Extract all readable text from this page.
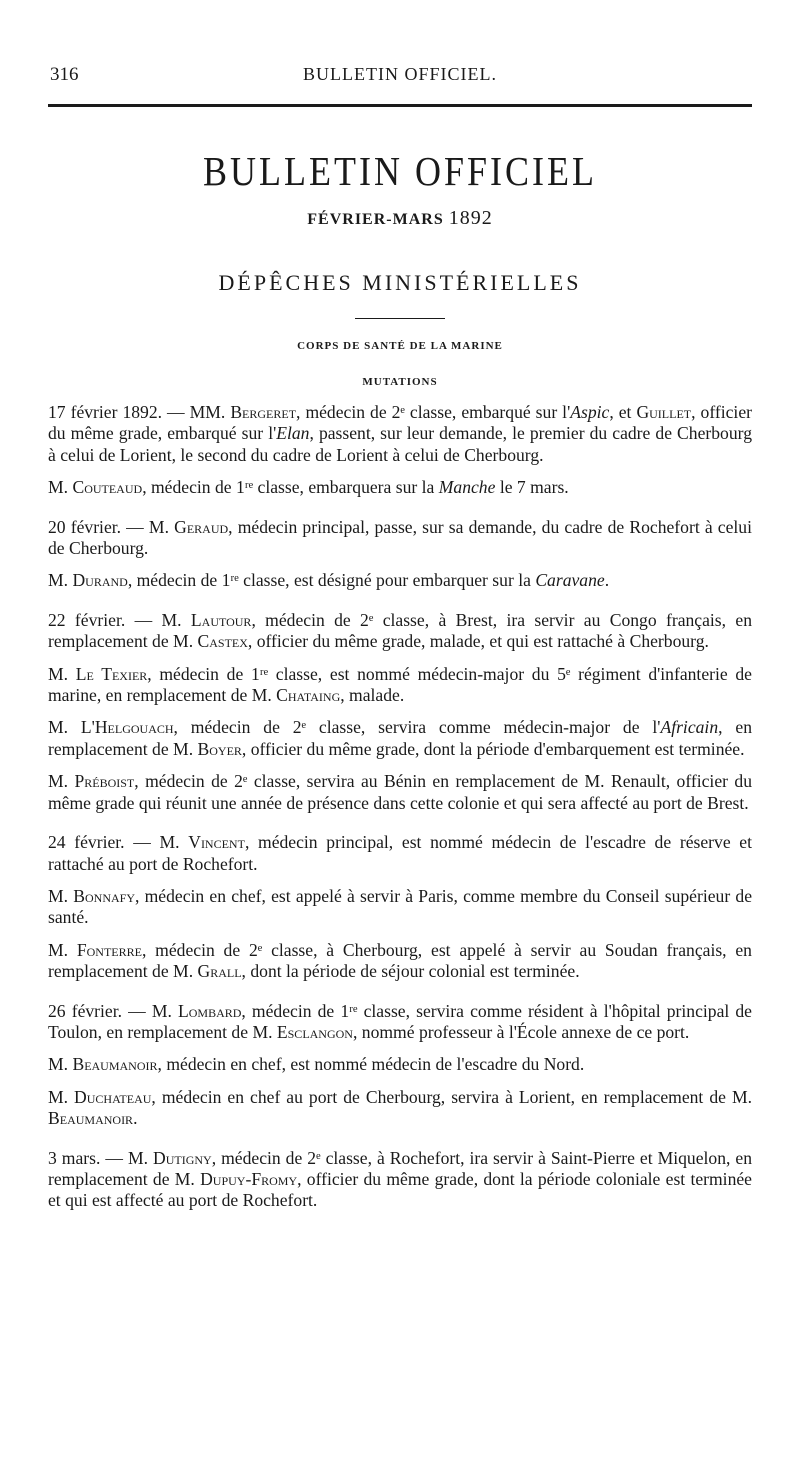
316	BULLETIN OFFICIEL.
BULLETIN OFFICIEL
FÉVRIER-MARS 1892
DÉPÊCHES MINISTÉRIELLES
CORPS DE SANTÉ DE LA MARINE
MUTATIONS

17 février 1892. — MM. Bergeret, médecin de 2ᵉ classe, embarqué sur l'Aspic, et Guillet, officier du même grade, embarqué sur l'Elan, passent, sur leur demande, le premier du cadre de Cherbourg à celui de Lorient, le second du cadre de Lorient à celui de Cherbourg.

M. Couteaud, médecin de 1ʳᵉ classe, embarquera sur la Manche le 7 mars.

20 février. — M. Geraud, médecin principal, passe, sur sa demande, du cadre de Rochefort à celui de Cherbourg.

M. Durand, médecin de 1ʳᵉ classe, est désigné pour embarquer sur la Caravane.

22 février. — M. Lautour, médecin de 2ᵉ classe, à Brest, ira servir au Congo français, en remplacement de M. Castex, officier du même grade, malade, et qui est rattaché à Cherbourg.

M. Le Texier, médecin de 1ʳᵉ classe, est nommé médecin-major du 5ᵉ régiment d'infanterie de marine, en remplacement de M. Chataing, malade.

M. L'Helgouach, médecin de 2ᵉ classe, servira comme médecin-major de l'Africain, en remplacement de M. Boyer, officier du même grade, dont la période d'embarquement est terminée.

M. Préboist, médecin de 2ᵉ classe, servira au Bénin en remplacement de M. Renault, officier du même grade qui réunit une année de présence dans cette colonie et qui sera affecté au port de Brest.

24 février. — M. Vincent, médecin principal, est nommé médecin de l'escadre de réserve et rattaché au port de Rochefort.

M. Bonnafy, médecin en chef, est appelé à servir à Paris, comme membre du Conseil supérieur de santé.

M. Fonterre, médecin de 2ᵉ classe, à Cherbourg, est appelé à servir au Soudan français, en remplacement de M. Grall, dont la période de séjour colonial est terminée.

26 février. — M. Lombard, médecin de 1ʳᵉ classe, servira comme résident à l'hôpital principal de Toulon, en remplacement de M. Esclangon, nommé professeur à l'École annexe de ce port.

M. Beaumanoir, médecin en chef, est nommé médecin de l'escadre du Nord.

M. Duchateau, médecin en chef au port de Cherbourg, servira à Lorient, en remplacement de M. Beaumanoir.

3 mars. — M. Dutigny, médecin de 2ᵉ classe, à Rochefort, ira servir à Saint-Pierre et Miquelon, en remplacement de M. Dupuy-Fromy, officier du même grade, dont la période coloniale est terminée et qui est affecté au port de Rochefort.
